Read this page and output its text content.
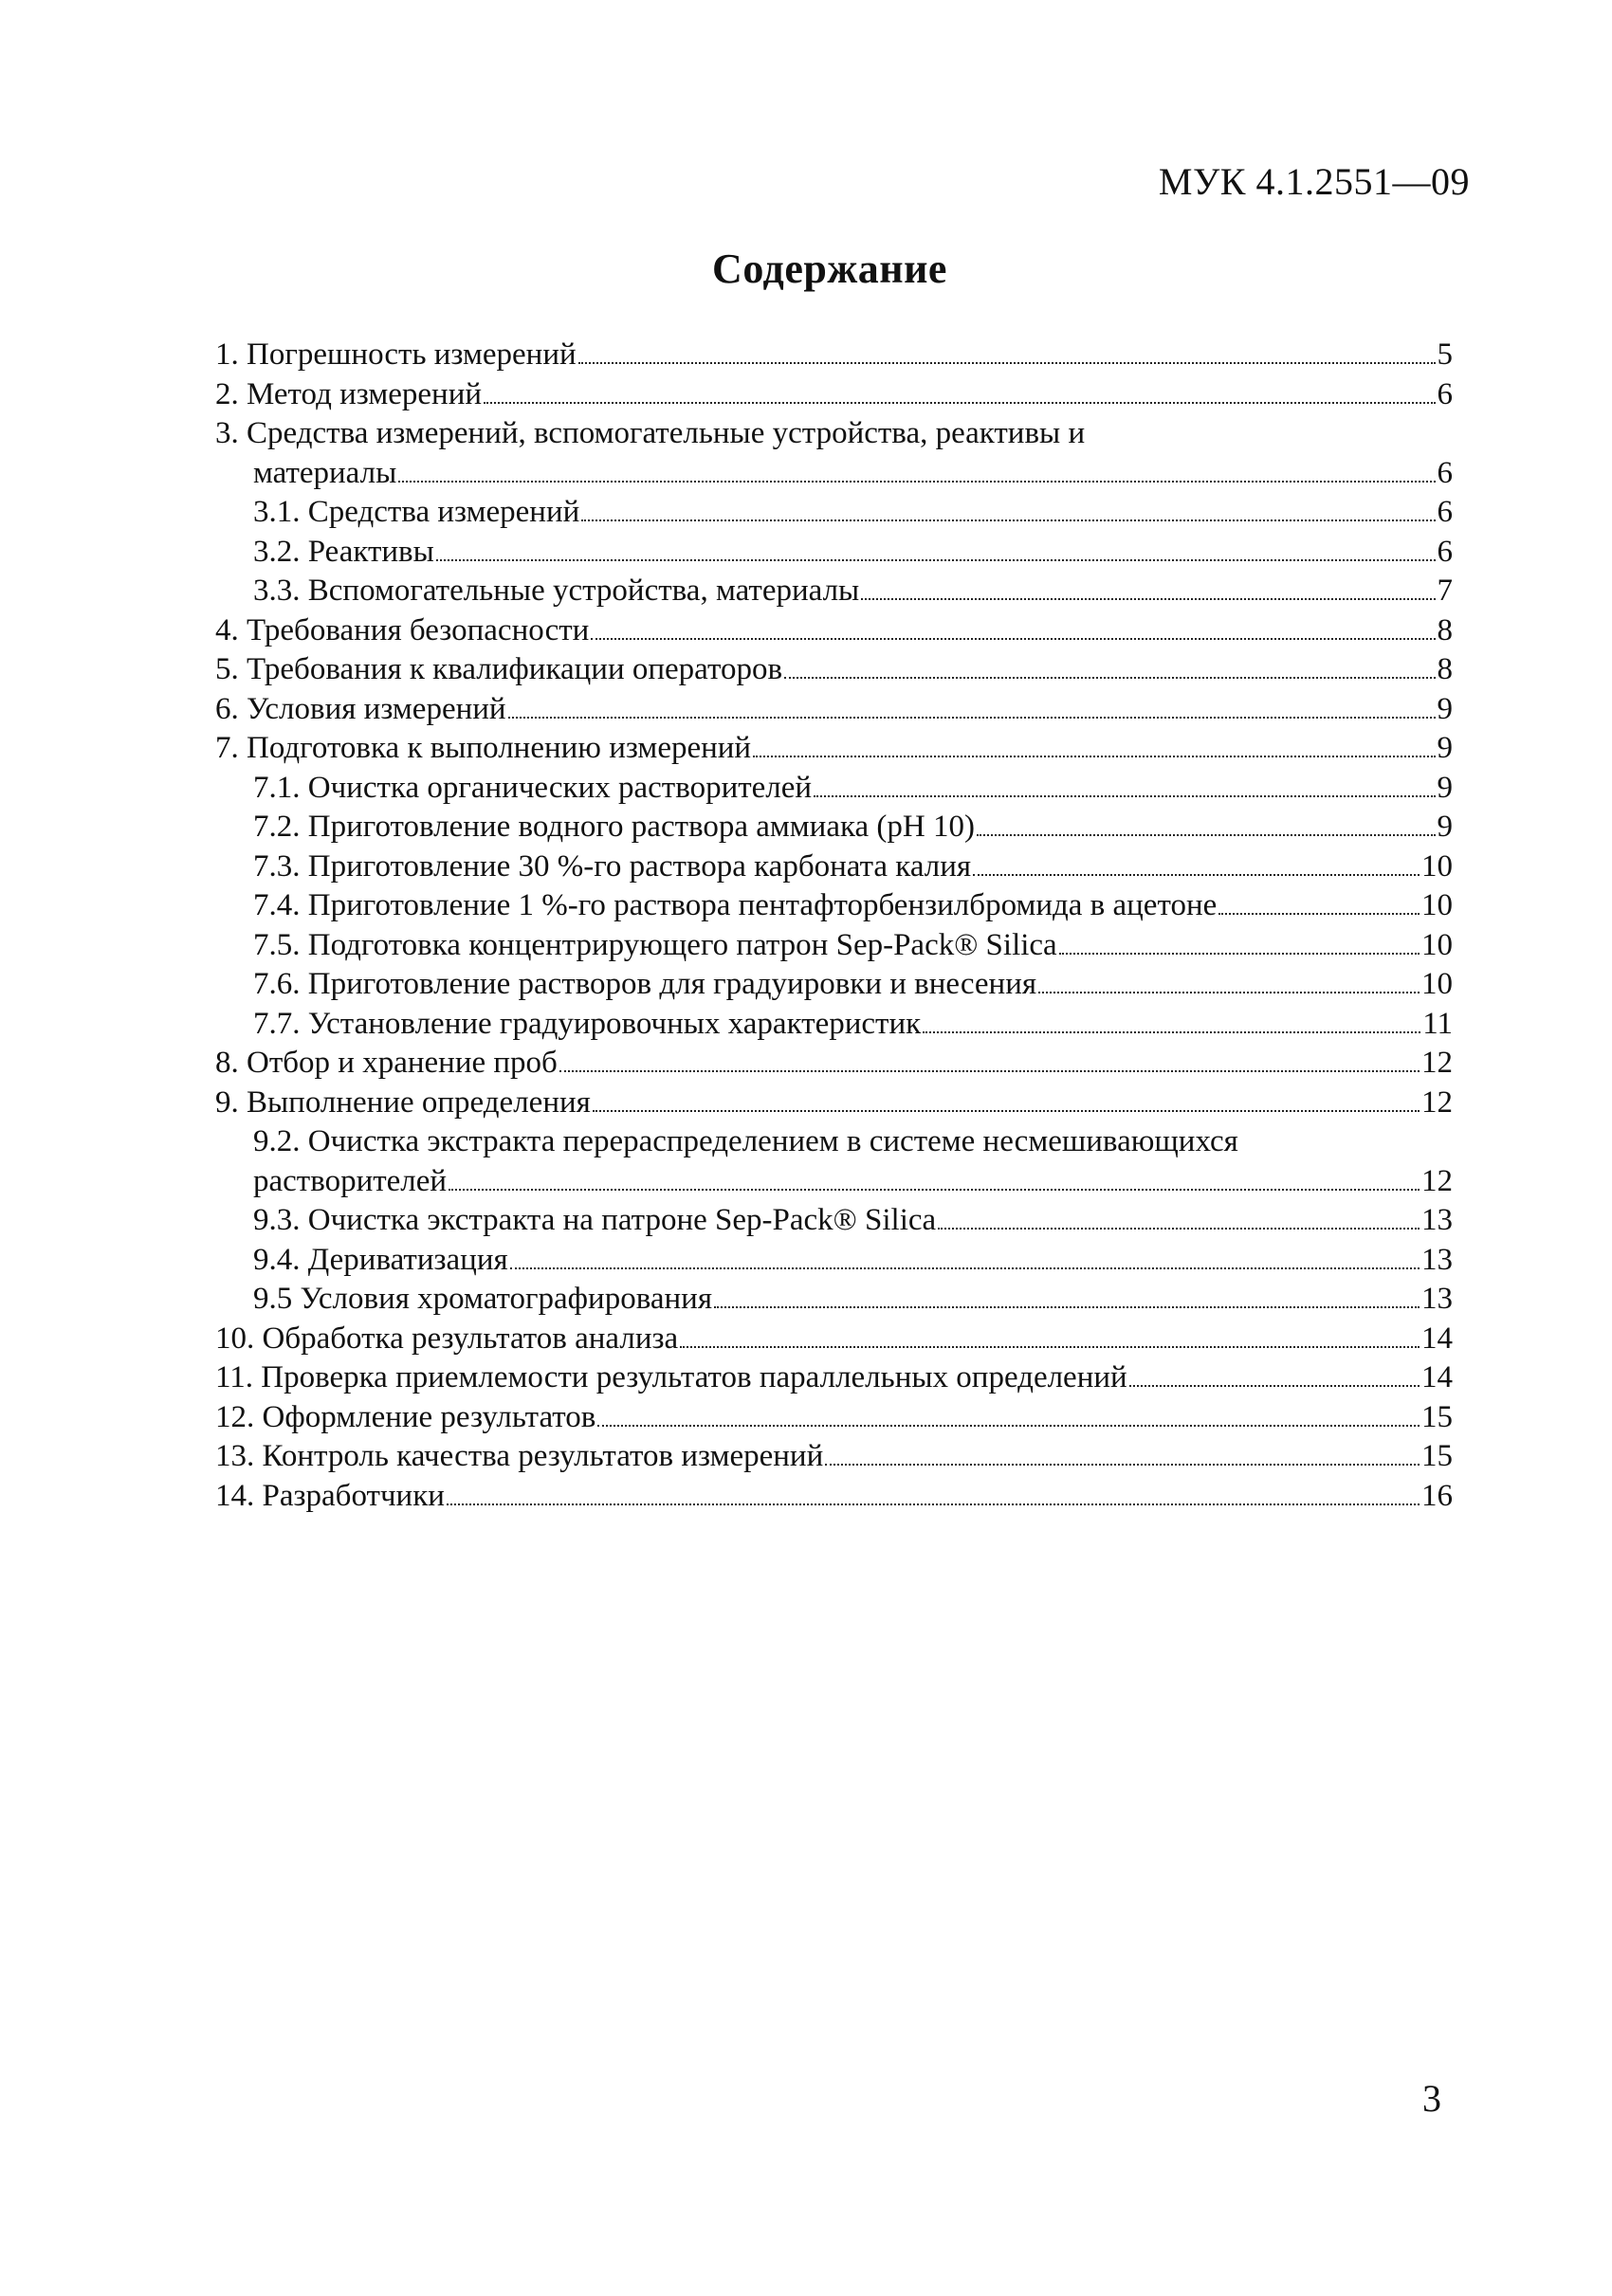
МУК 4.1.2551—09
Содержание
1. Погрешность измерений	5
2. Метод измерений	6
3. Средства измерений, вспомогательные устройства, реактивы и
материалы	6
3.1. Средства измерений	6
3.2. Реактивы	6
3.3. Вспомогательные устройства, материалы	7
4. Требования безопасности	8
5. Требования к квалификации операторов	8
6. Условия измерений	9
7. Подготовка к выполнению измерений	9
7.1. Очистка органических растворителей	9
7.2. Приготовление водного раствора аммиака (pH 10)	9
7.3. Приготовление 30 %-го раствора карбоната калия	10
7.4. Приготовление 1 %-го раствора пентафторбензилбромида в ацетоне	10
7.5. Подготовка концентрирующего патрон Sep-Pack® Silica	10
7.6. Приготовление растворов для градуировки и внесения	10
7.7. Установление градуировочных характеристик	11
8. Отбор и хранение проб	12
9. Выполнение определения	12
9.2. Очистка экстракта перераспределением в системе несмешивающихся
растворителей	12
9.3. Очистка экстракта на патроне Sep-Pack® Silica	13
9.4. Дериватизация	13
9.5 Условия хроматографирования	13
10. Обработка результатов анализа	14
11. Проверка приемлемости результатов параллельных определений	14
12. Оформление результатов	15
13. Контроль качества результатов измерений	15
14. Разработчики	16
3
